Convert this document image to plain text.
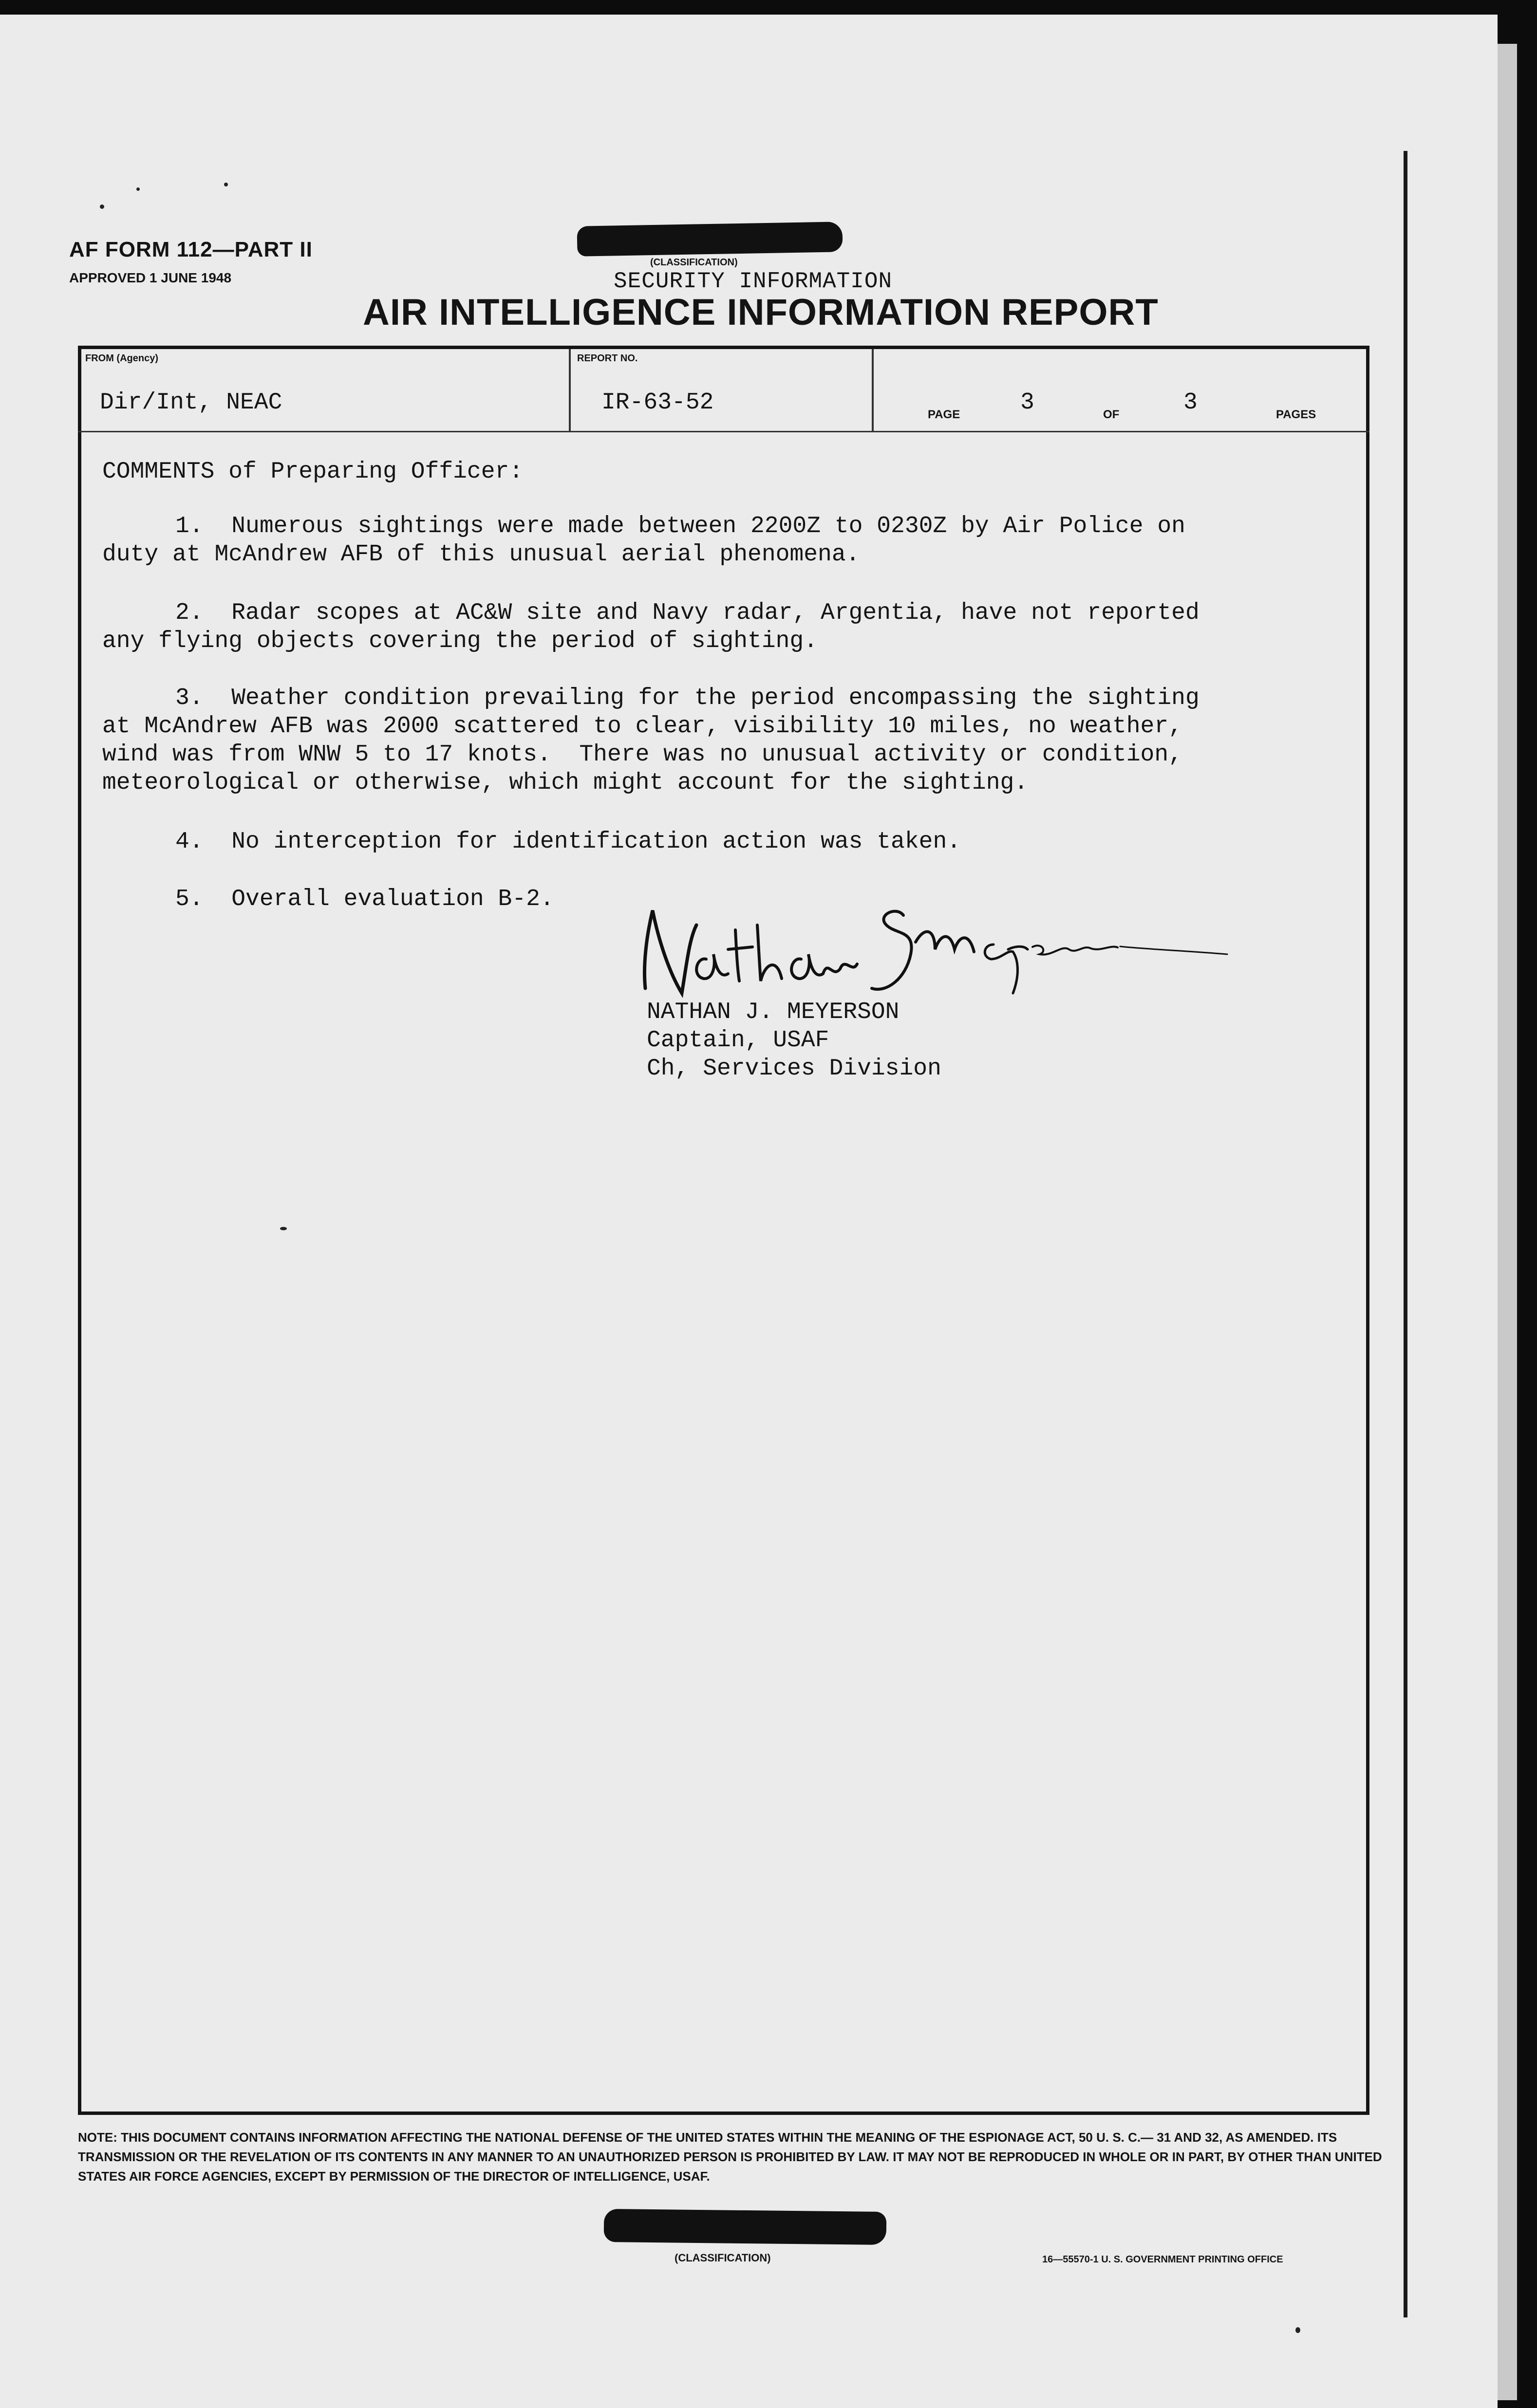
AF FORM 112—PART II
APPROVED 1 JUNE 1948
(CLASSIFICATION)
SECURITY INFORMATION
AIR INTELLIGENCE INFORMATION REPORT
FROM (Agency)
Dir/Int, NEAC
REPORT NO.
IR-63-52	PAGE	3	OF	3	PAGES
COMMENTS of Preparing Officer:
1.  Numerous sightings were made between 2200Z to 0230Z by Air Police on
duty at McAndrew AFB of this unusual aerial phenomena.
2.  Radar scopes at AC&W site and Navy radar, Argentia, have not reported
any flying objects covering the period of sighting.
3.  Weather condition prevailing for the period encompassing the sighting
at McAndrew AFB was 2000 scattered to clear, visibility 10 miles, no weather,
wind was from WNW 5 to 17 knots.  There was no unusual activity or condition,
meteorological or otherwise, which might account for the sighting.
4.  No interception for identification action was taken.
5.  Overall evaluation B-2.
NATHAN J. MEYERSON
Captain, USAF
Ch, Services Division
NOTE: THIS DOCUMENT CONTAINS INFORMATION AFFECTING THE NATIONAL DEFENSE OF THE UNITED STATES WITHIN THE MEANING OF THE ESPIONAGE ACT, 50 U. S. C.— 31 AND 32, AS AMENDED. ITS TRANSMISSION OR THE REVELATION OF ITS CONTENTS IN ANY MANNER TO AN UNAUTHORIZED PERSON IS PROHIBITED BY LAW. IT MAY NOT BE REPRODUCED IN WHOLE OR IN PART, BY OTHER THAN UNITED STATES AIR FORCE AGENCIES, EXCEPT BY PERMISSION OF THE DIRECTOR OF INTELLIGENCE, USAF.
(CLASSIFICATION)	16—55570-1 U. S. GOVERNMENT PRINTING OFFICE
